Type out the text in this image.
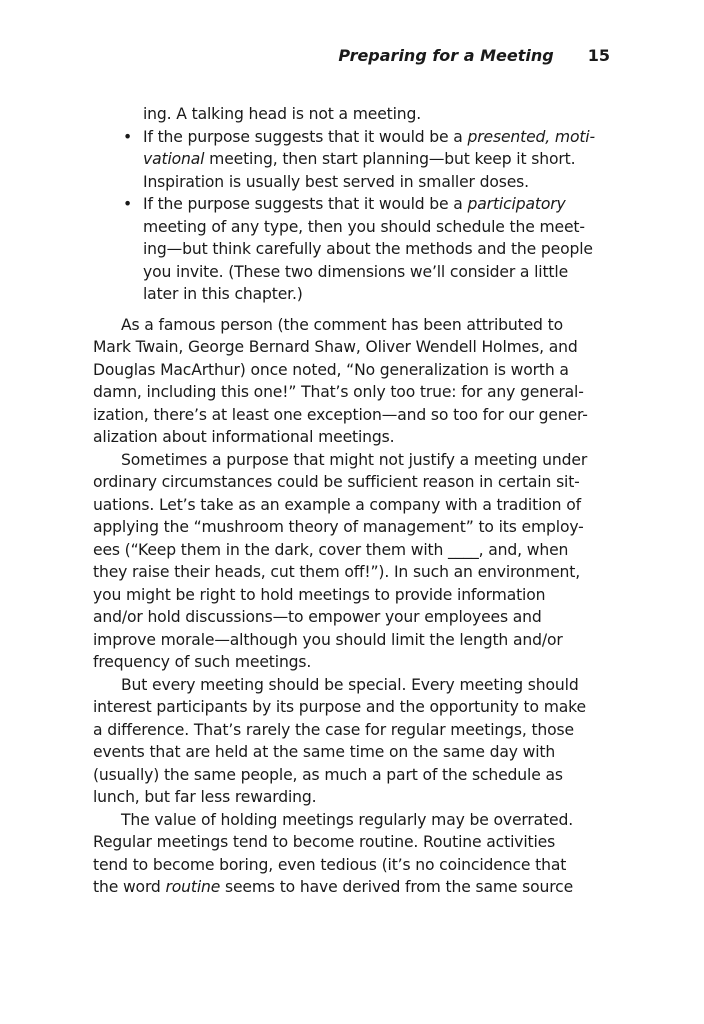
Preparing for a Meeting 15

ing. A talking head is not a meeting.

• If the purpose suggests that it would be a presented, moti-
vational meeting, then start planning—but keep it short.
Inspiration is usually best served in smaller doses.
• If the purpose suggests that it would be a participatory
meeting of any type, then you should schedule the meet-
ing—but think carefully about the methods and the people
you invite. (These two dimensions we’ll consider a little
later in this chapter.)

As a famous person (the comment has been attributed to

Mark Twain, George Bernard Shaw, Oliver Wendell Holmes, and

Douglas MacArthur) once noted, “No generalization is worth a

damn, including this one!” That’s only too true: for any general-

ization, there’s at least one exception—and so too for our gener-

alization about informational meetings.

Sometimes a purpose that might not justify a meeting under

ordinary circumstances could be sufficient reason in certain sit-

uations. Let’s take as an example a company with a tradition of

applying the “mushroom theory of management” to its employ-

ees (“Keep them in the dark, cover them with ____, and, when

they raise their heads, cut them off!”). In such an environment,

you might be right to hold meetings to provide information

and/or hold discussions—to empower your employees and

improve morale—although you should limit the length and/or

frequency of such meetings.

But every meeting should be special. Every meeting should

interest participants by its purpose and the opportunity to make

a difference. That’s rarely the case for regular meetings, those

events that are held at the same time on the same day with

(usually) the same people, as much a part of the schedule as

lunch, but far less rewarding.

The value of holding meetings regularly may be overrated.

Regular meetings tend to become routine. Routine activities

tend to become boring, even tedious (it’s no coincidence that

the word routine seems to have derived from the same source
